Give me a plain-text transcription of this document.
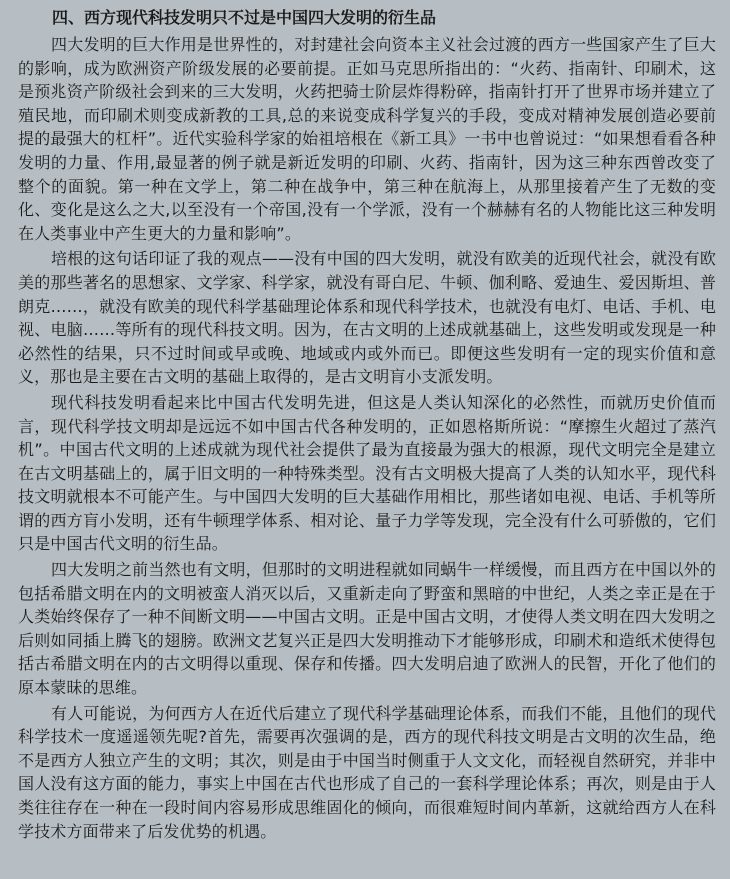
四、西方现代科技发明只不过是中国四大发明的衍生品

四大发明的巨大作用是世界性的，对封建社会向资本主义社会过渡的西方一些国家产生了巨大的影响，成为欧洲资产阶级发展的必要前提。正如马克思所指出的：“火药、指南针、印刷术，这是预兆资产阶级社会到来的三大发明，火药把骑士阶层炸得粉碎，指南针打开了世界市场并建立了殖民地，而印刷术则变成新教的工具,总的来说变成科学复兴的手段，变成对精神发展创造必要前提的最强大的杠杆”。近代实验科学家的始祖培根在《新工具》一书中也曾说过：“如果想看看各种发明的力量、作用,最显著的例子就是新近发明的印刷、火药、指南针，因为这三种东西曾改变了整个的面貌。第一种在文学上，第二种在战争中，第三种在航海上，从那里接着产生了无数的变化、变化是这么之大,以至没有一个帝国,没有一个学派，没有一个赫赫有名的人物能比这三种发明在人类事业中产生更大的力量和影响”。

培根的这句话印证了我的观点——没有中国的四大发明，就没有欧美的近现代社会，就没有欧美的那些著名的思想家、文学家、科学家，就没有哥白尼、牛顿、伽利略、爱迪生、爱因斯坦、普朗克……，就没有欧美的现代科学基础理论体系和现代科学技术，也就没有电灯、电话、手机、电视、电脑……等所有的现代科技文明。因为，在古文明的上述成就基础上，这些发明或发现是一种必然性的结果，只不过时间或早或晚、地域或内或外而已。即便这些发明有一定的现实价值和意义，那也是主要在古文明的基础上取得的，是古文明肓小支派发明。

现代科技发明看起来比中国古代发明先进，但这是人类认知深化的必然性，而就历史价值而言，现代科学技文明却是远远不如中国古代各种发明的，正如恩格斯所说：“摩擦生火超过了蒸汽机”。中国古代文明的上述成就为现代社会提供了最为直接最为强大的根源，现代文明完全是建立在古文明基础上的，属于旧文明的一种特殊类型。没有古文明极大提高了人类的认知水平，现代科技文明就根本不可能产生。与中国四大发明的巨大基础作用相比，那些诸如电视、电话、手机等所谓的西方肓小发明，还有牛顿理学体系、相对论、量子力学等发现，完全没有什么可骄傲的，它们只是中国古代文明的衍生品。

四大发明之前当然也有文明，但那时的文明进程就如同蜗牛一样缓慢，而且西方在中国以外的包括希腊文明在内的文明被蛮人消灭以后，又重新走向了野蛮和黑暗的中世纪，人类之幸正是在于人类始终保存了一种不间断文明——中国古文明。正是中国古文明，才使得人类文明在四大发明之后则如同插上腾飞的翅膀。欧洲文艺复兴正是四大发明推动下才能够形成，印刷术和造纸术使得包括古希腊文明在内的古文明得以重现、保存和传播。四大发明启迪了欧洲人的民智，开化了他们的原本蒙昧的思维。

有人可能说，为何西方人在近代后建立了现代科学基础理论体系，而我们不能，且他们的现代科学技术一度遥遥领先呢?首先，需要再次强调的是，西方的现代科技文明是古文明的次生品，绝不是西方人独立产生的文明；其次，则是由于中国当时侧重于人文文化，而轻视自然研究，并非中国人没有这方面的能力，事实上中国在古代也形成了自己的一套科学理论体系；再次，则是由于人类往往存在一种在一段时间内容易形成思维固化的倾向，而很难短时间内革新，这就给西方人在科学技术方面带来了后发优势的机遇。
